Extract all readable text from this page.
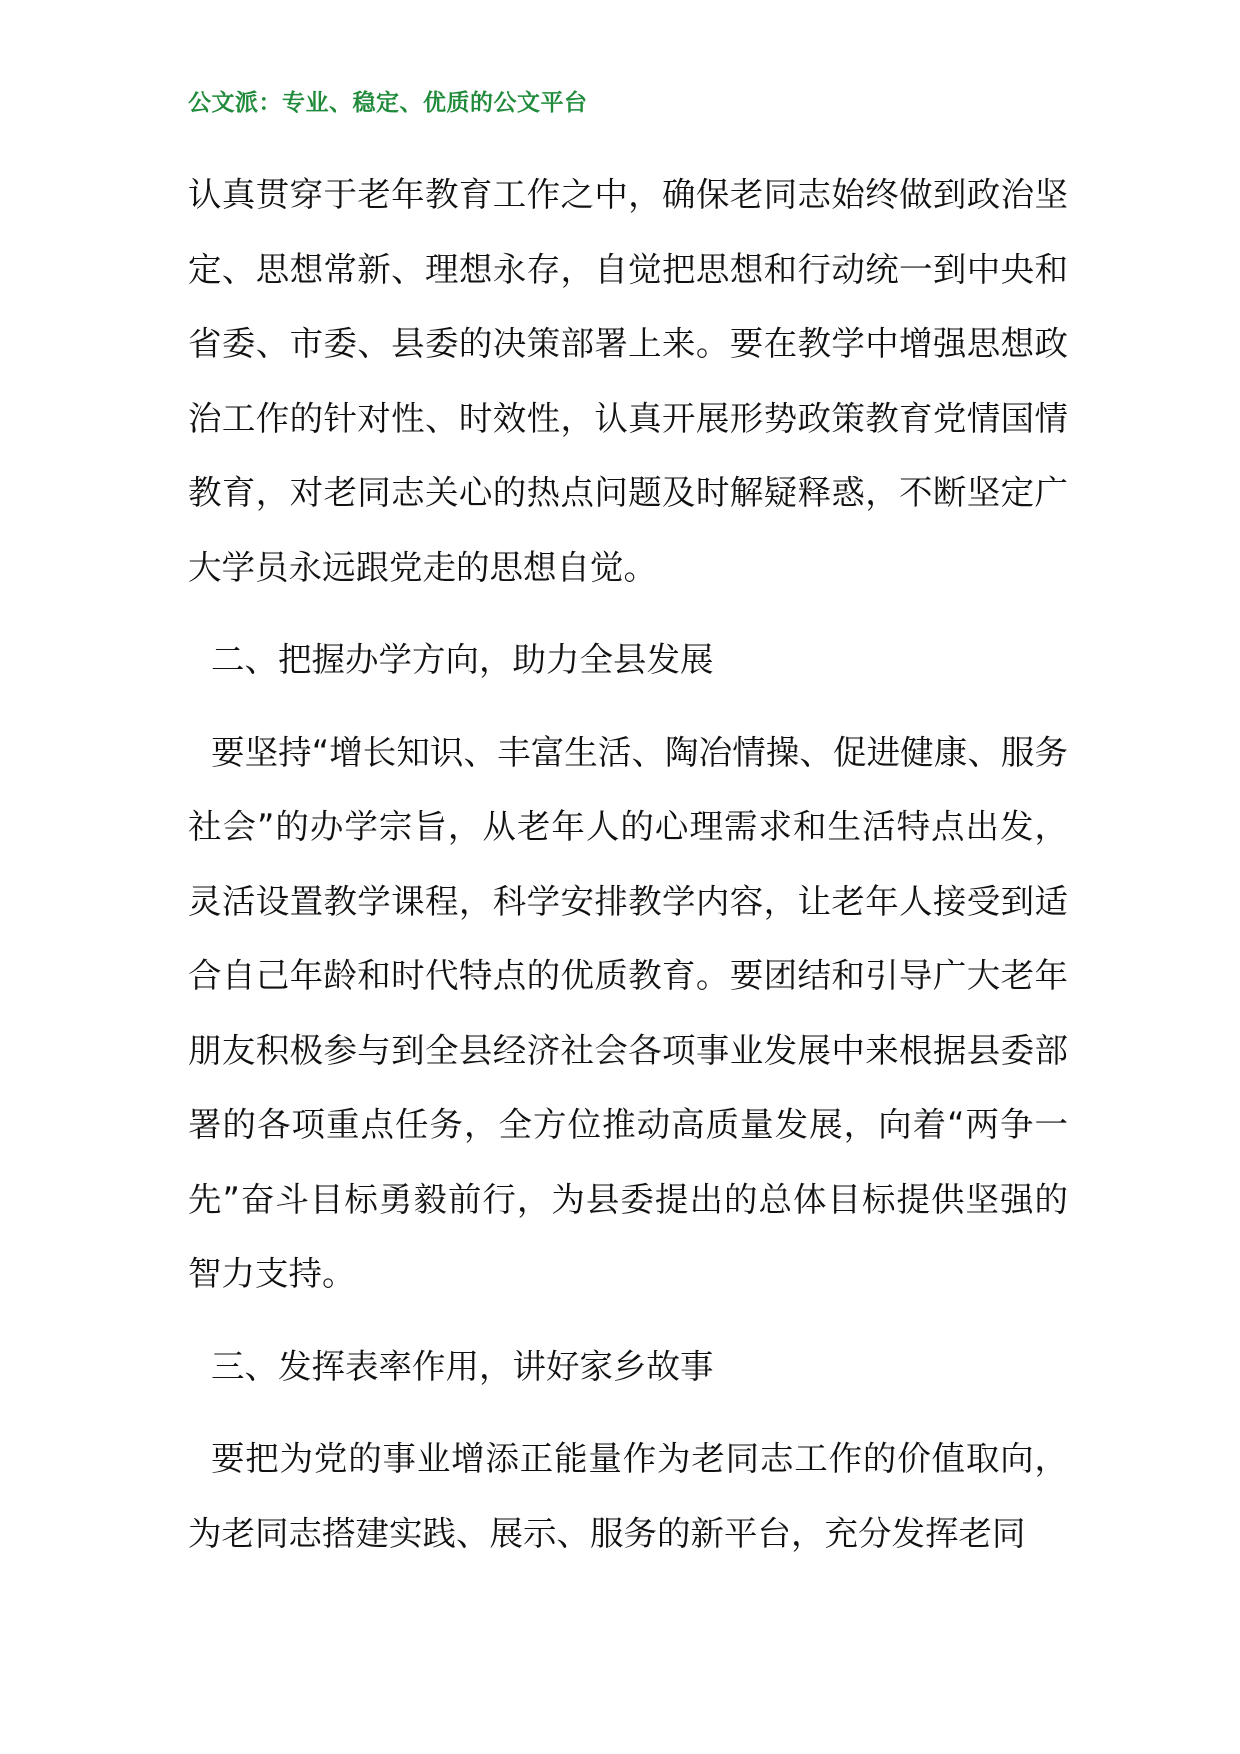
公文派：专业、稳定、优质的公文平台

认真贯穿于老年教育工作之中，确保老同志始终做到政治坚定、思想常新、理想永存，自觉把思想和行动统一到中央和省委、市委、县委的决策部署上来。要在教学中增强思想政治工作的针对性、时效性，认真开展形势政策教育党情国情教育，对老同志关心的热点问题及时解疑释惑，不断坚定广大学员永远跟党走的思想自觉。

二、把握办学方向，助力全县发展

要坚持“增长知识、丰富生活、陶冶情操、促进健康、服务社会”的办学宗旨，从老年人的心理需求和生活特点出发，灵活设置教学课程，科学安排教学内容，让老年人接受到适合自己年龄和时代特点的优质教育。要团结和引导广大老年朋友积极参与到全县经济社会各项事业发展中来根据县委部署的各项重点任务，全方位推动高质量发展，向着“两争一先”奋斗目标勇毅前行，为县委提出的总体目标提供坚强的智力支持。

三、发挥表率作用，讲好家乡故事

要把为党的事业增添正能量作为老同志工作的价值取向，为老同志搭建实践、展示、服务的新平台，充分发挥老同
